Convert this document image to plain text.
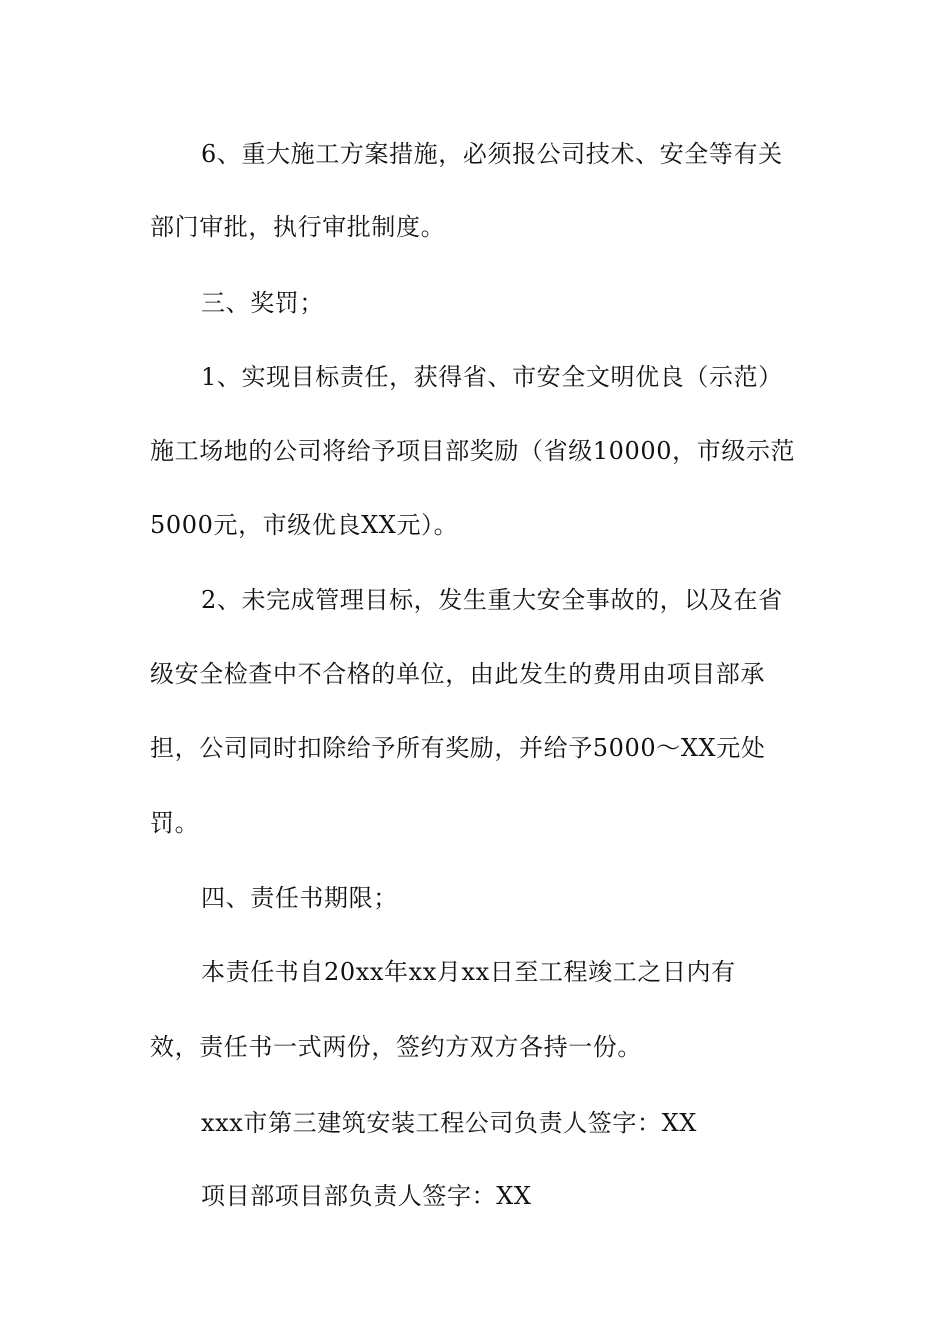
6、重大施工方案措施，必须报公司技术、安全等有关
部门审批，执行审批制度。
三、奖罚；
1、实现目标责任，获得省、市安全文明优良（示范）
施工场地的公司将给予项目部奖励（省级10000，市级示范
5000元，市级优良XX元）。
2、未完成管理目标，发生重大安全事故的，以及在省
级安全检查中不合格的单位，由此发生的费用由项目部承
担，公司同时扣除给予所有奖励，并给予5000～XX元处
罚。
四、责任书期限；
本责任书自20xx年xx月xx日至工程竣工之日内有
效，责任书一式两份，签约方双方各持一份。
xxx市第三建筑安装工程公司负责人签字：XX
项目部项目部负责人签字：XX
